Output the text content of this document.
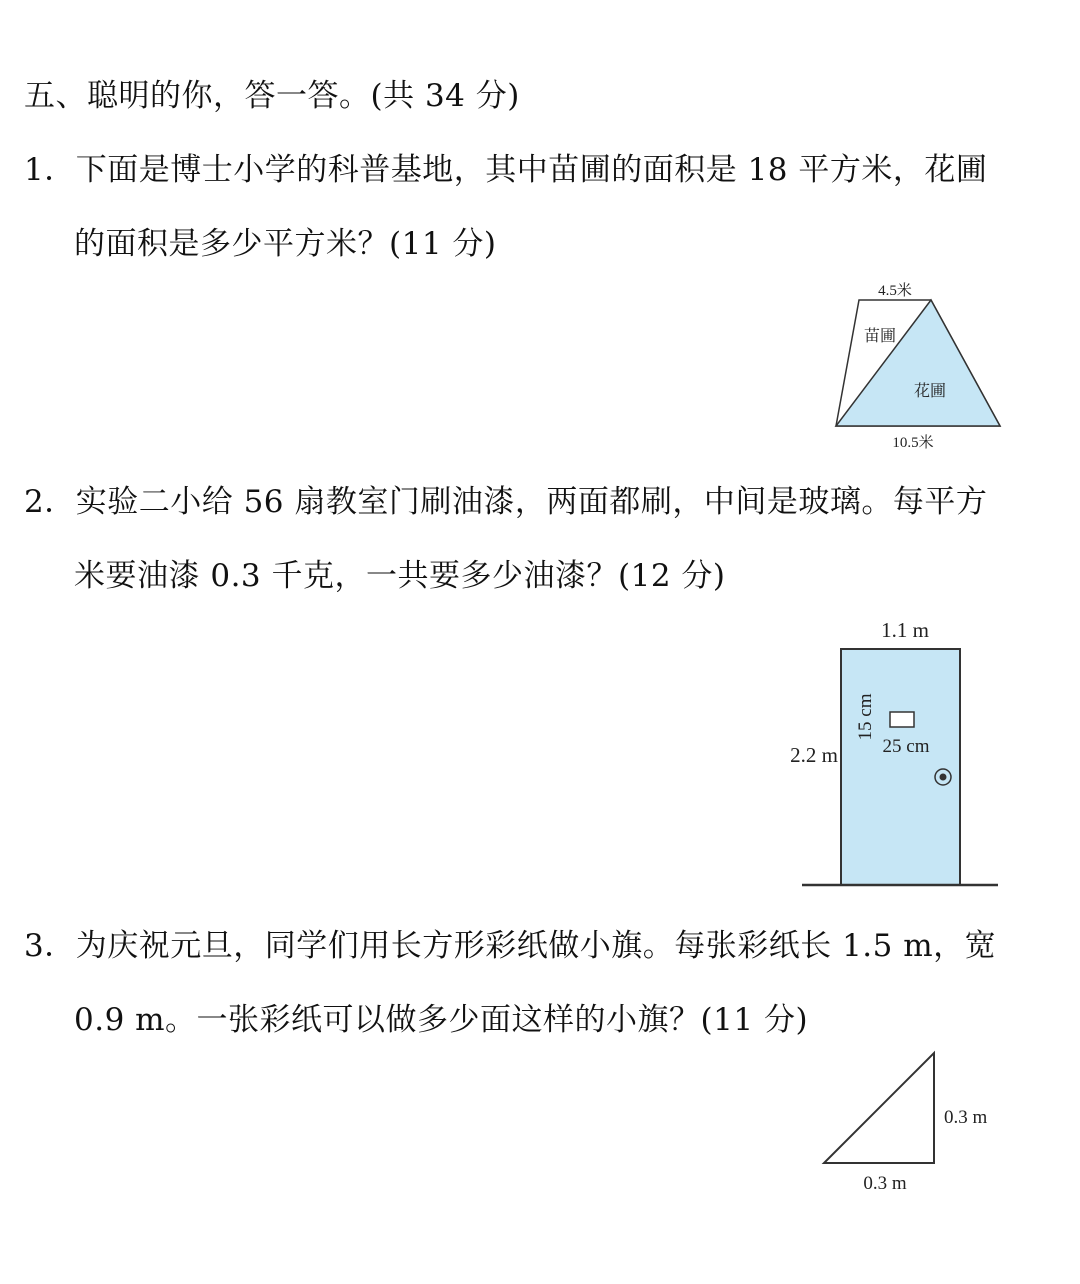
五、聪明的你，答一答。(共 34 分)
1．下面是博士小学的科普基地，其中苗圃的面积是 18 平方米，花圃
的面积是多少平方米？(11 分)
4.5米
苗圃
花圃
10.5米
2．实验二小给 56 扇教室门刷油漆，两面都刷，中间是玻璃。每平方
米要油漆 0.3 千克，一共要多少油漆？(12 分)
1.1 m
2.2 m
15 cm
25 cm
3．为庆祝元旦，同学们用长方形彩纸做小旗。每张彩纸长 1.5 m，宽
0.9 m。一张彩纸可以做多少面这样的小旗？(11 分)
0.3 m
0.3 m
